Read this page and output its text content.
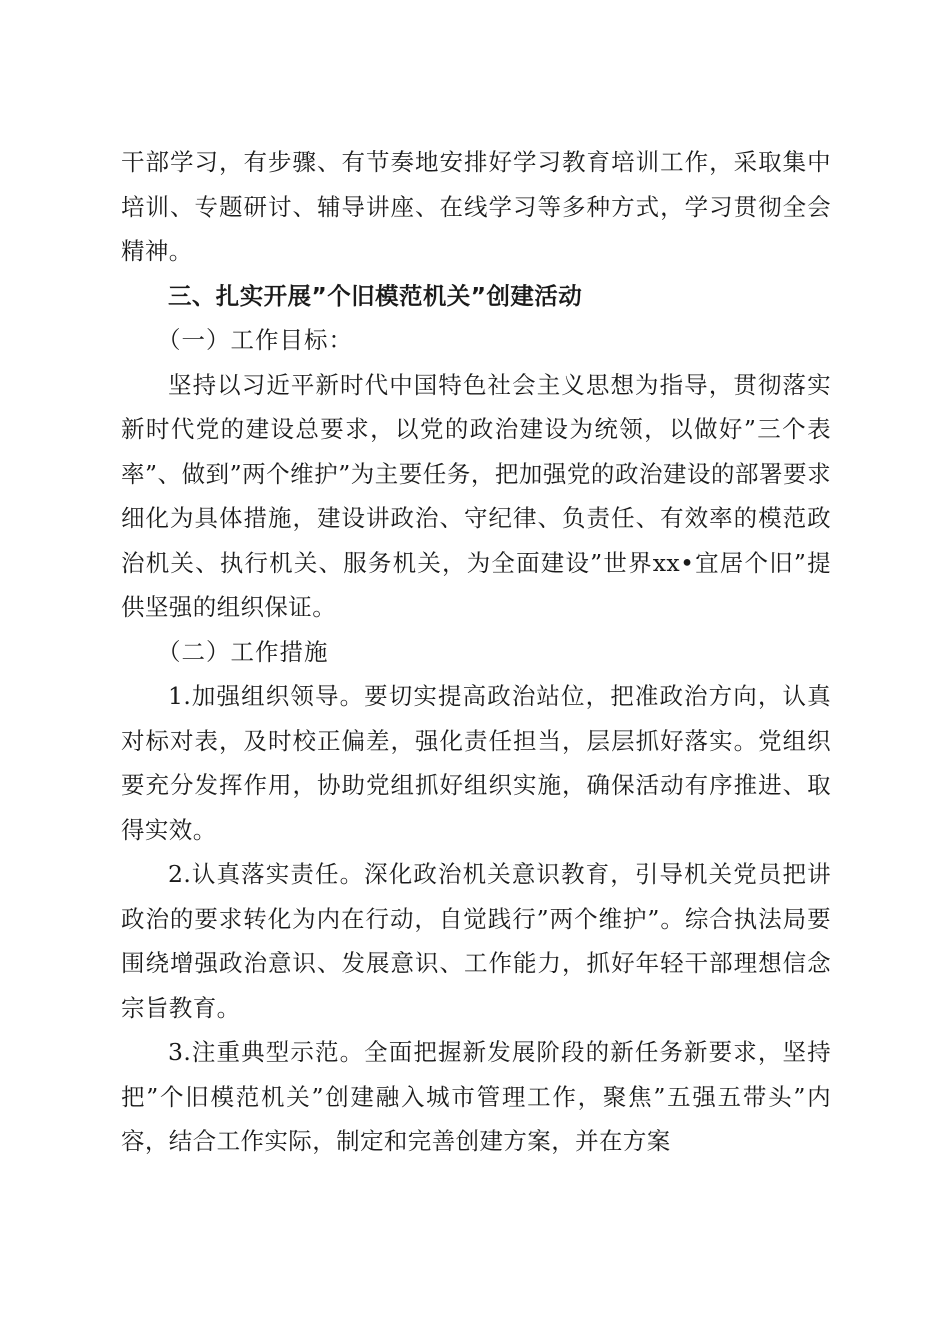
干部学习，有步骤、有节奏地安排好学习教育培训工作，采取集中培训、专题研讨、辅导讲座、在线学习等多种方式，学习贯彻全会精神。

三、扎实开展”个旧模范机关”创建活动

（一）工作目标：

坚持以习近平新时代中国特色社会主义思想为指导，贯彻落实新时代党的建设总要求，以党的政治建设为统领，以做好”三个表率”、做到”两个维护”为主要任务，把加强党的政治建设的部署要求细化为具体措施，建设讲政治、守纪律、负责任、有效率的模范政治机关、执行机关、服务机关，为全面建设”世界xx•宜居个旧”提供坚强的组织保证。

（二）工作措施

1.加强组织领导。要切实提高政治站位，把准政治方向，认真对标对表，及时校正偏差，强化责任担当，层层抓好落实。党组织要充分发挥作用，协助党组抓好组织实施，确保活动有序推进、取得实效。

2.认真落实责任。深化政治机关意识教育，引导机关党员把讲政治的要求转化为内在行动，自觉践行”两个维护”。综合执法局要围绕增强政治意识、发展意识、工作能力，抓好年轻干部理想信念宗旨教育。

3.注重典型示范。全面把握新发展阶段的新任务新要求，坚持把”个旧模范机关”创建融入城市管理工作，聚焦”五强五带头”内容，结合工作实际，制定和完善创建方案，并在方案
